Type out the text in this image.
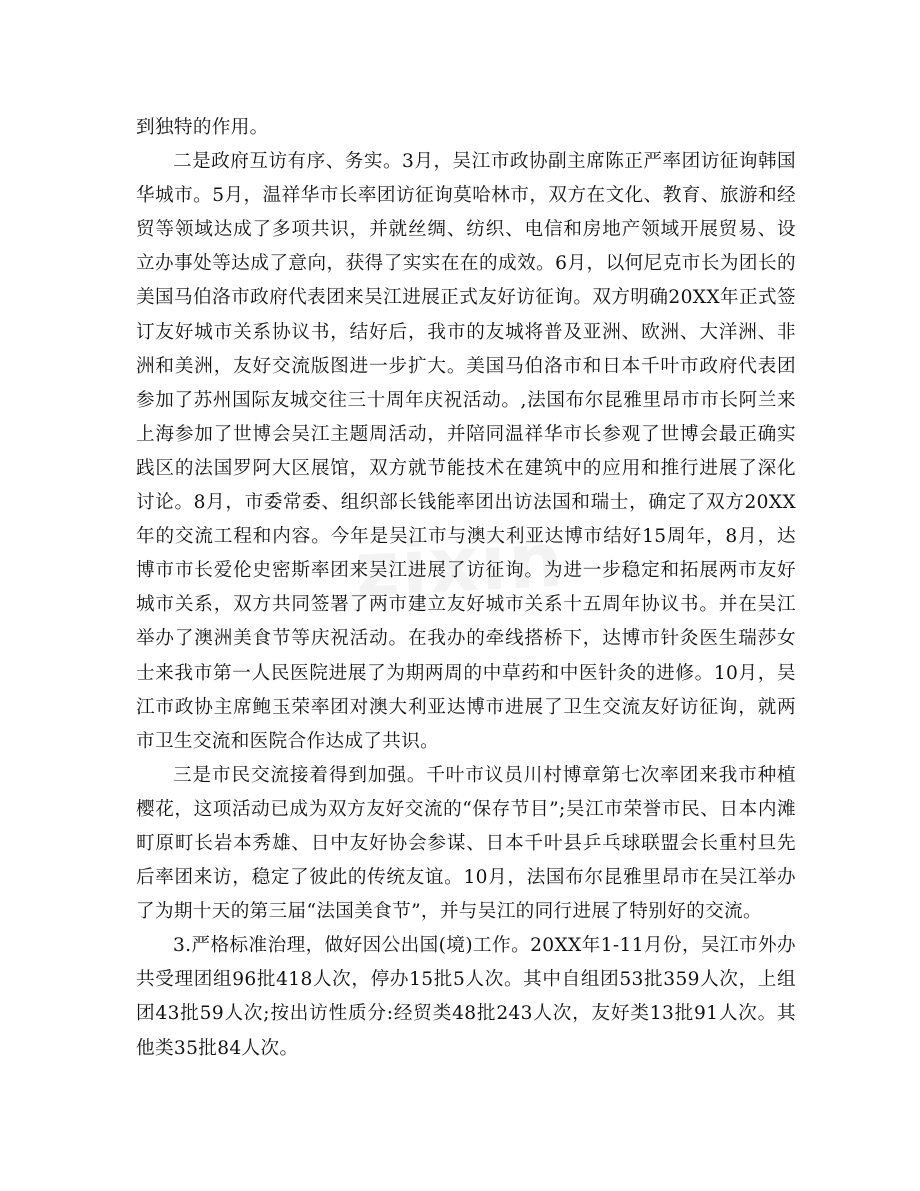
到独特的作用。

二是政府互访有序、务实。3月，吴江市政协副主席陈正严率团访征询韩国华城市。5月，温祥华市长率团访征询莫哈林市，双方在文化、教育、旅游和经贸等领域达成了多项共识，并就丝绸、纺织、电信和房地产领域开展贸易、设立办事处等达成了意向，获得了实实在在的成效。6月，以何尼克市长为团长的美国马伯洛市政府代表团来吴江进展正式友好访征询。双方明确20XX年正式签订友好城市关系协议书，结好后，我市的友城将普及亚洲、欧洲、大洋洲、非洲和美洲，友好交流版图进一步扩大。美国马伯洛市和日本千叶市政府代表团参加了苏州国际友城交往三十周年庆祝活动。,法国布尔昆雅里昂市市长阿兰来上海参加了世博会吴江主题周活动，并陪同温祥华市长参观了世博会最正确实践区的法国罗阿大区展馆，双方就节能技术在建筑中的应用和推行进展了深化讨论。8月，市委常委、组织部长钱能率团出访法国和瑞士，确定了双方20XX年的交流工程和内容。今年是吴江市与澳大利亚达博市结好15周年，8月，达博市市长爱伦史密斯率团来吴江进展了访征询。为进一步稳定和拓展两市友好城市关系，双方共同签署了两市建立友好城市关系十五周年协议书。并在吴江举办了澳洲美食节等庆祝活动。在我办的牵线搭桥下，达博市针灸医生瑞莎女士来我市第一人民医院进展了为期两周的中草药和中医针灸的进修。10月，吴江市政协主席鲍玉荣率团对澳大利亚达博市进展了卫生交流友好访征询，就两市卫生交流和医院合作达成了共识。

三是市民交流接着得到加强。千叶市议员川村博章第七次率团来我市种植樱花，这项活动已成为双方友好交流的“保存节目”;吴江市荣誉市民、日本内滩町原町长岩本秀雄、日中友好协会参谋、日本千叶县乒乓球联盟会长重村旦先后率团来访，稳定了彼此的传统友谊。10月，法国布尔昆雅里昂市在吴江举办了为期十天的第三届“法国美食节”，并与吴江的同行进展了特别好的交流。

3.严格标准治理，做好因公出国(境)工作。20XX年1-11月份，吴江市外办共受理团组96批418人次，停办15批5人次。其中自组团53批359人次，上组团43批59人次;按出访性质分:经贸类48批243人次，友好类13批91人次。其他类35批84人次。
